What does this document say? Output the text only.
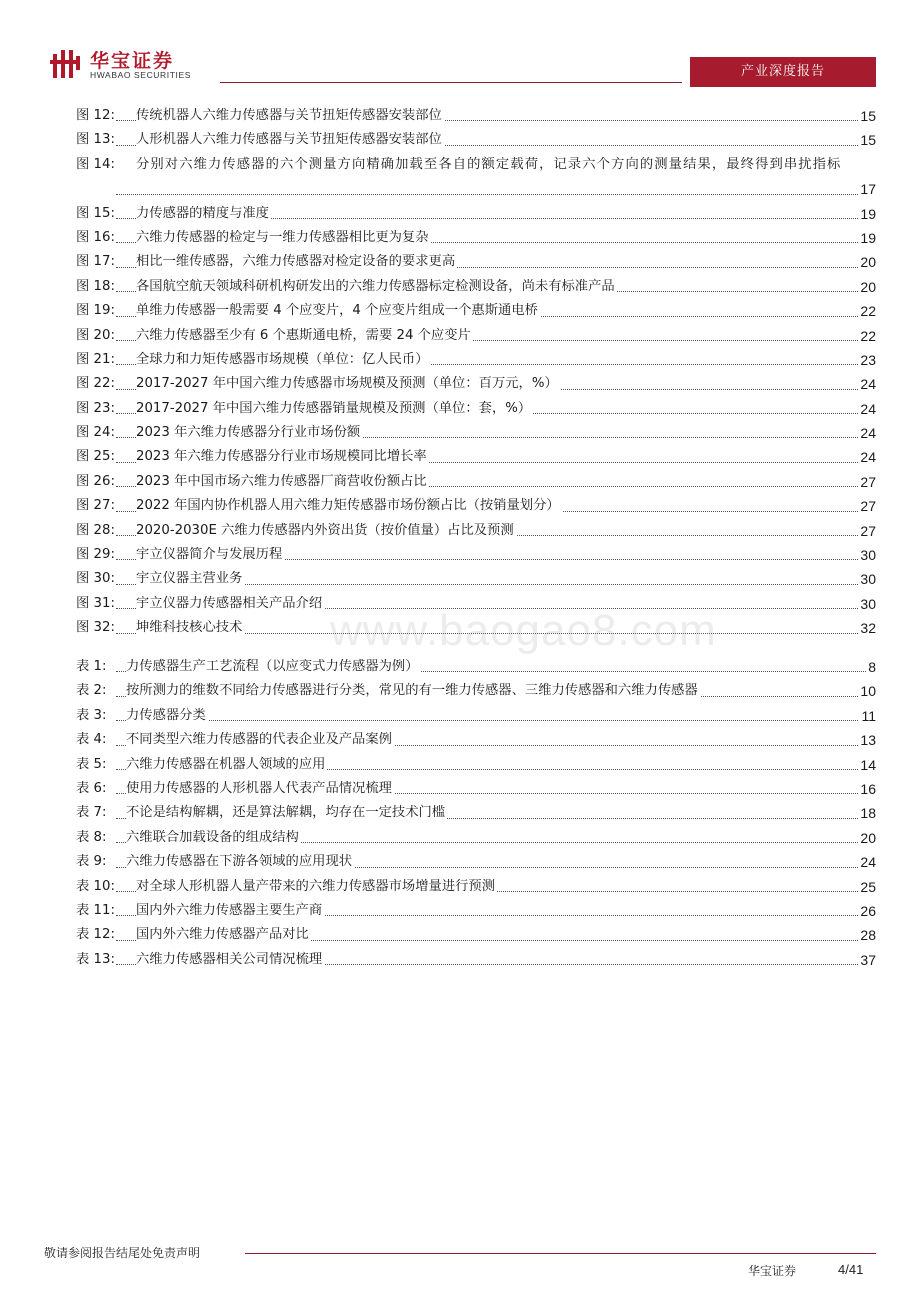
华宝证券
HWABAO SECURITIES	产业深度报告
图 12: 传统机器人六维力传感器与关节扭矩传感器安装部位	15
图 13: 人形机器人六维力传感器与关节扭矩传感器安装部位	15
图 14: 分别对六维力传感器的六个测量方向精确加载至各自的额定载荷，记录六个方向的测量结果，最终得到串扰指标
17
图 15: 力传感器的精度与准度	19
图 16: 六维力传感器的检定与一维力传感器相比更为复杂	19
图 17: 相比一维传感器，六维力传感器对检定设备的要求更高	20
图 18: 各国航空航天领域科研机构研发出的六维力传感器标定检测设备，尚未有标准产品	20
图 19: 单维力传感器一般需要 4 个应变片，4 个应变片组成一个惠斯通电桥	22
图 20: 六维力传感器至少有 6 个惠斯通电桥，需要 24 个应变片	22
图 21: 全球力和力矩传感器市场规模（单位：亿人民币）	23
图 22: 2017-2027 年中国六维力传感器市场规模及预测（单位：百万元，%）	24
图 23: 2017-2027 年中国六维力传感器销量规模及预测（单位：套，%）	24
图 24: 2023 年六维力传感器分行业市场份额	24
图 25: 2023 年六维力传感器分行业市场规模同比增长率	24
图 26: 2023 年中国市场六维力传感器厂商营收份额占比	27
图 27: 2022 年国内协作机器人用六维力矩传感器市场份额占比（按销量划分）	27
图 28: 2020-2030E 六维力传感器内外资出货（按价值量）占比及预测	27
图 29: 宇立仪器简介与发展历程	30
图 30: 宇立仪器主营业务	30
图 31: 宇立仪器力传感器相关产品介绍	30
图 32: 坤维科技核心技术	32
www.baogao8.com
表 1: 力传感器生产工艺流程（以应变式力传感器为例）	8
表 2: 按所测力的维数不同给力传感器进行分类，常见的有一维力传感器、三维力传感器和六维力传感器	10
表 3: 力传感器分类	11
表 4: 不同类型六维力传感器的代表企业及产品案例	13
表 5: 六维力传感器在机器人领域的应用	14
表 6: 使用力传感器的人形机器人代表产品情况梳理	16
表 7: 不论是结构解耦，还是算法解耦，均存在一定技术门槛	18
表 8: 六维联合加载设备的组成结构	20
表 9: 六维力传感器在下游各领域的应用现状	24
表 10: 对全球人形机器人量产带来的六维力传感器市场增量进行预测	25
表 11: 国内外六维力传感器主要生产商	26
表 12: 国内外六维力传感器产品对比	28
表 13: 六维力传感器相关公司情况梳理	37
敬请参阅报告结尾处免责声明
华宝证券	4/41
